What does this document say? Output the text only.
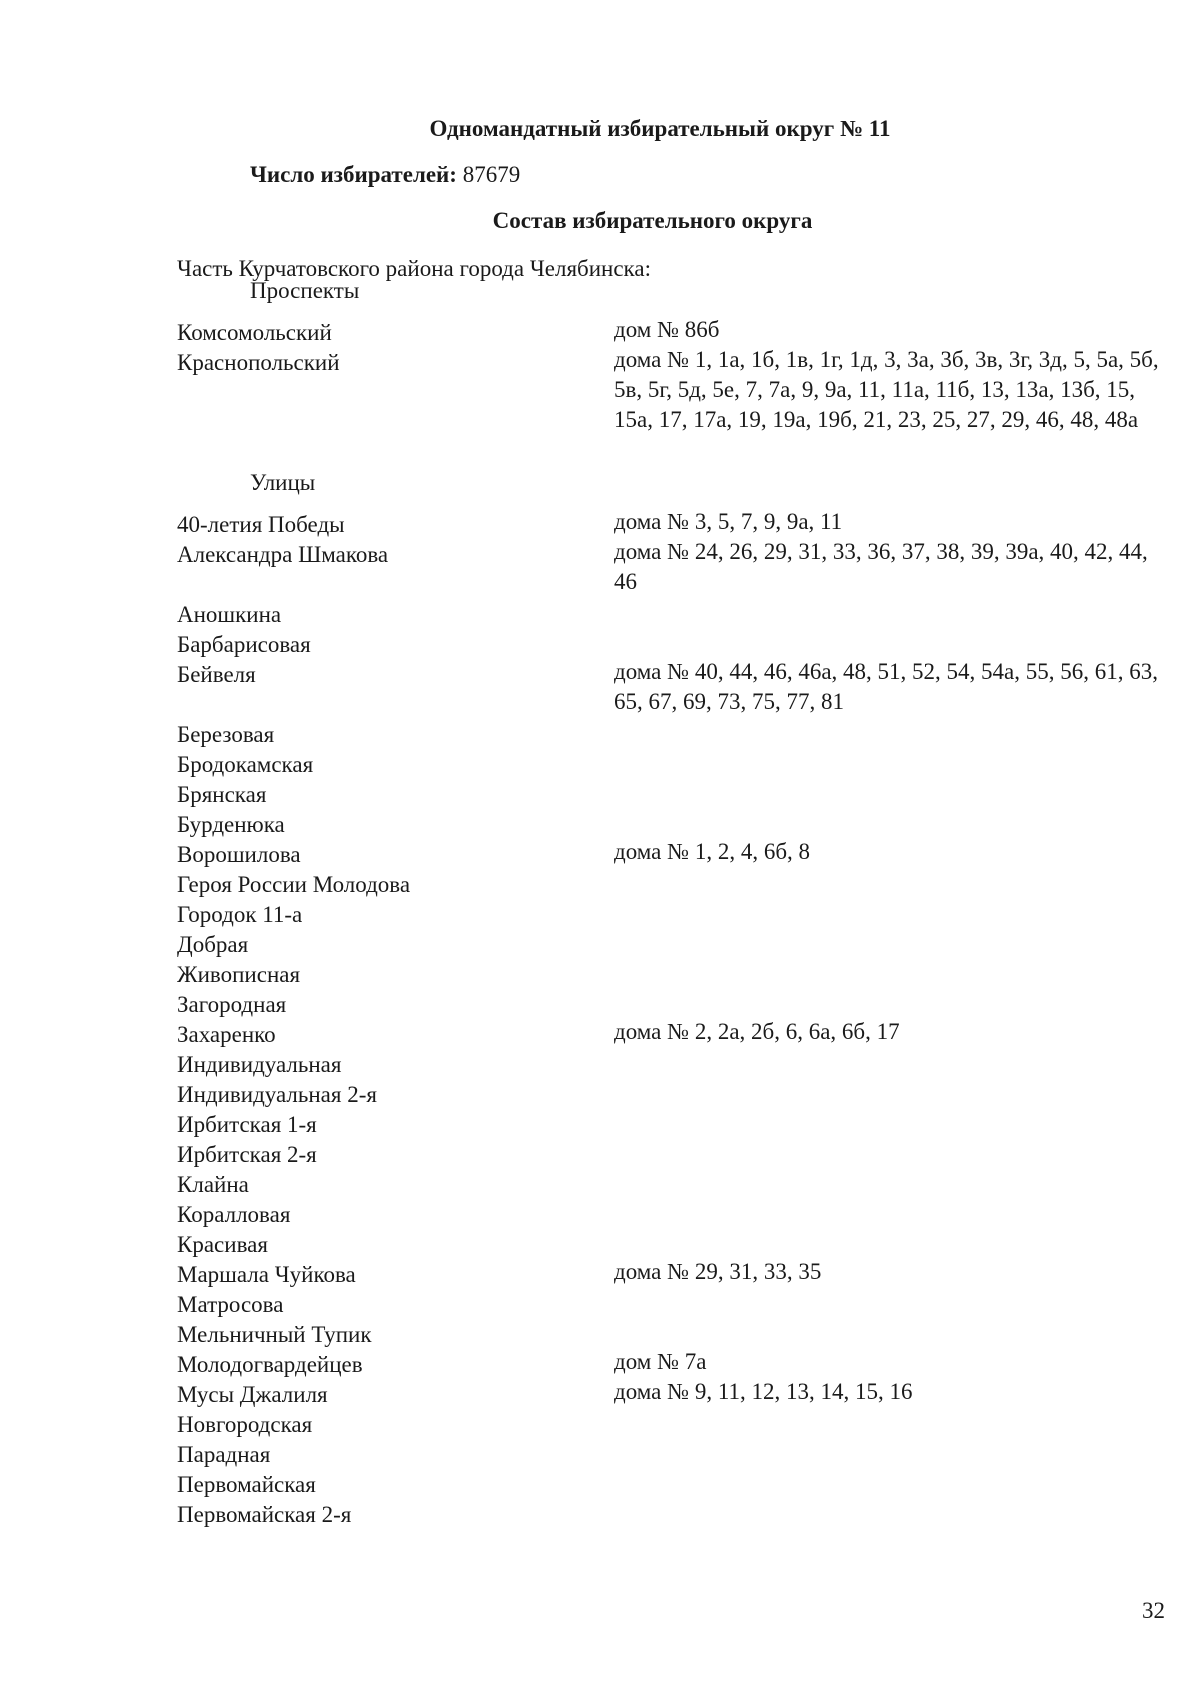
Одномандатный избирательный округ № 11
Число избирателей: 87679
Состав избирательного округа
Часть Курчатовского района города Челябинска:
Проспекты
Комсомольский	дом № 86б
Краснопольский	дома № 1, 1а, 1б, 1в, 1г, 1д, 3, 3а, 3б, 3в, 3г, 3д, 5, 5а, 5б, 5в, 5г, 5д, 5е, 7, 7а, 9, 9а, 11, 11а, 11б, 13, 13а, 13б, 15, 15а, 17, 17а, 19, 19а, 19б, 21, 23, 25, 27, 29, 46, 48, 48а
Улицы
40-летия Победы	дома № 3, 5, 7, 9, 9а, 11
Александра Шмакова	дома № 24, 26, 29, 31, 33, 36, 37, 38, 39, 39а, 40, 42, 44, 46
Аношкина
Барбарисовая
Бейвеля	дома № 40, 44, 46, 46а, 48, 51, 52, 54, 54а, 55, 56, 61, 63, 65, 67, 69, 73, 75, 77, 81
Березовая
Бродокамская
Брянская
Бурденюка
Ворошилова	дома № 1, 2, 4, 6б, 8
Героя России Молодова
Городок 11-а
Добрая
Живописная
Загородная
Захаренко	дома № 2, 2а, 2б, 6, 6а, 6б, 17
Индивидуальная
Индивидуальная 2-я
Ирбитская 1-я
Ирбитская 2-я
Клайна
Коралловая
Красивая
Маршала Чуйкова	дома № 29, 31, 33, 35
Матросова
Мельничный Тупик
Молодогвардейцев	дом № 7а
Мусы Джалиля	дома № 9, 11, 12, 13, 14, 15, 16
Новгородская
Парадная
Первомайская
Первомайская 2-я
32
